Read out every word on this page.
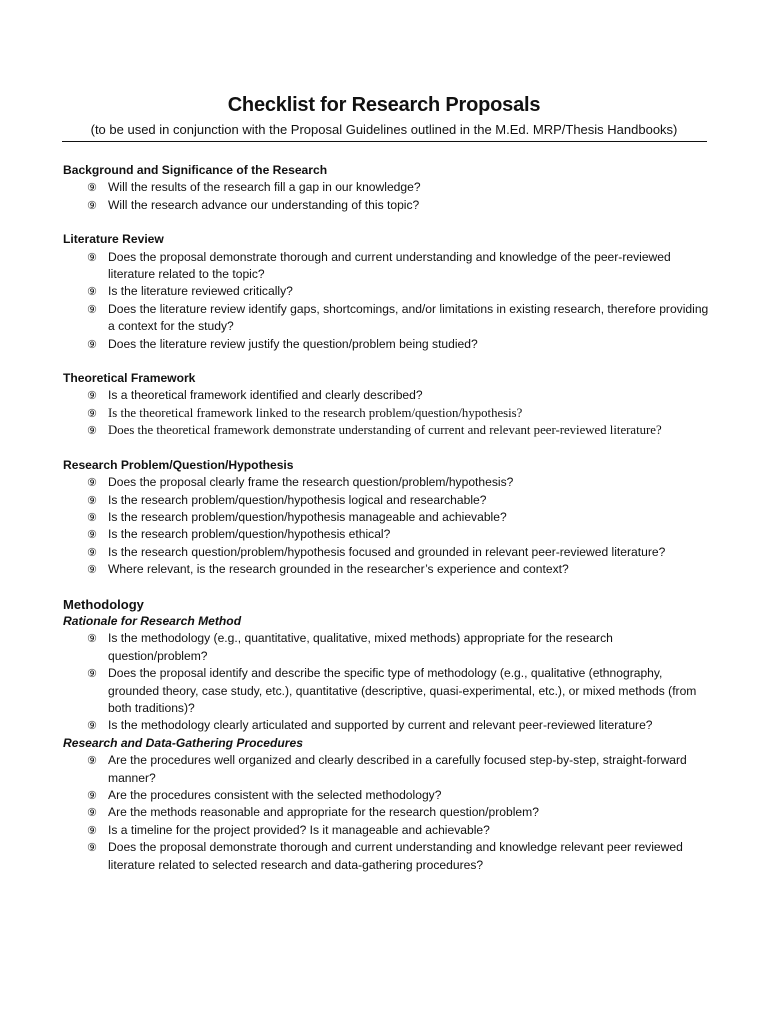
Checklist for Research Proposals

(to be used in conjunction with the Proposal Guidelines outlined in the M.Ed. MRP/Thesis Handbooks)

Background and Significance of the Research

⑨ Will the results of the research fill a gap in our knowledge?
⑨ Will the research advance our understanding of this topic?

Literature Review

⑨ Does the proposal demonstrate thorough and current understanding and knowledge of the peer-reviewed literature related to the topic?
⑨ Is the literature reviewed critically?
⑨ Does the literature review identify gaps, shortcomings, and/or limitations in existing research, therefore providing a context for the study?
⑨ Does the literature review justify the question/problem being studied?

Theoretical Framework

⑨ Is a theoretical framework identified and clearly described?
⑨ Is the theoretical framework linked to the research problem/question/hypothesis?
⑨ Does the theoretical framework demonstrate understanding of current and relevant peer-reviewed literature?

Research Problem/Question/Hypothesis

⑨ Does the proposal clearly frame the research question/problem/hypothesis?
⑨ Is the research problem/question/hypothesis logical and researchable?
⑨ Is the research problem/question/hypothesis manageable and achievable?
⑨ Is the research problem/question/hypothesis ethical?
⑨ Is the research question/problem/hypothesis focused and grounded in relevant peer-reviewed literature?
⑨ Where relevant, is the research grounded in the researcher’s experience and context?

Methodology

Rationale for Research Method

⑨ Is the methodology (e.g., quantitative, qualitative, mixed methods) appropriate for the research question/problem?
⑨ Does the proposal identify and describe the specific type of methodology (e.g., qualitative (ethnography, grounded theory, case study, etc.), quantitative (descriptive, quasi-experimental, etc.), or mixed methods (from both traditions)?
⑨ Is the methodology clearly articulated and supported by current and relevant peer-reviewed literature?

Research and Data-Gathering Procedures

⑨ Are the procedures well organized and clearly described in a carefully focused step-by-step, straight-forward manner?
⑨ Are the procedures consistent with the selected methodology?
⑨ Are the methods reasonable and appropriate for the research question/problem?
⑨ Is a timeline for the project provided? Is it manageable and achievable?
⑨ Does the proposal demonstrate thorough and current understanding and knowledge relevant peer reviewed literature related to selected research and data-gathering procedures?
